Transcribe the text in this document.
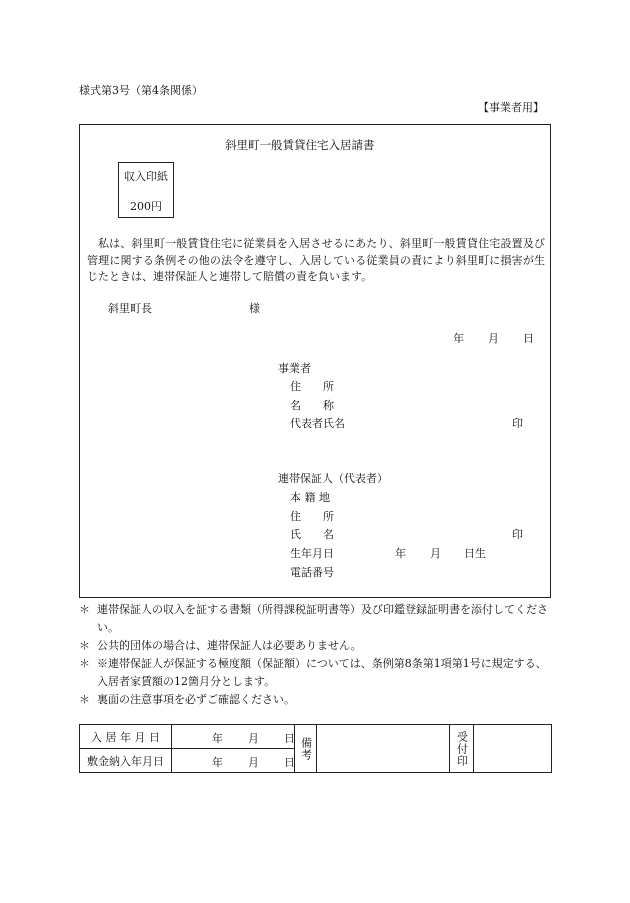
様式第3号（第4条関係）
【事業者用】
斜里町一般賃貸住宅入居請書
収入印紙
200円
私は、斜里町一般賃貸住宅に従業員を入居させるにあたり、斜里町一般賃貸住宅設置及び管理に関する条例その他の法令を遵守し、入居している従業員の責により斜里町に損害が生じたときは、連帯保証人と連帯して賠償の責を負います。
斜里町長	様
年 月 日
事業者
住　　所
名　　称
代表者氏名	印
連帯保証人（代表者）
本 籍 地
住　　所
氏　　名	印
生年月日	年 月 日生
電話番号
＊ 連帯保証人の収入を証する書類（所得課税証明書等）及び印鑑登録証明書を添付してください。
＊ 公共的団体の場合は、連帯保証人は必要ありません。
＊ ※連帯保証人が保証する極度額（保証額）については、条例第8条第1項第1号に規定する、入居者家賃額の12箇月分とします。
＊ 裏面の注意事項を必ずご確認ください。
入 居 年 月 日	年 月 日	備考		受付印	

敷金納入年月日	年 月 日				
